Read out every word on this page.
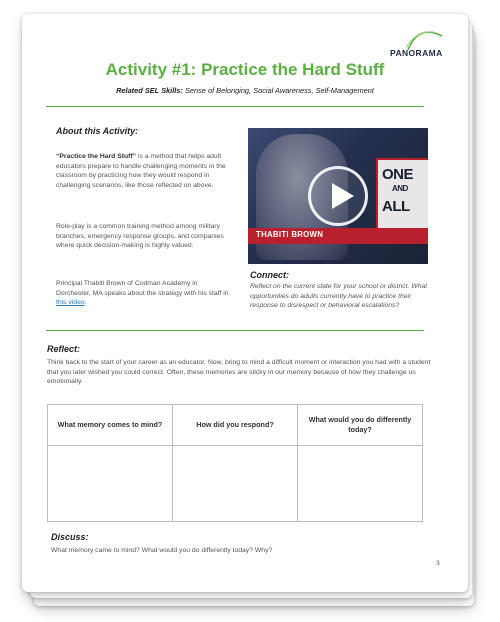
PANORAMA
Activity #1: Practice the Hard Stuff
Related SEL Skills: Sense of Belonging, Social Awareness, Self-Management
About this Activity:

“Practice the Hard Stuff” is a method that helps adult educators prepare to handle challenging moments in the classroom by practicing how they would respond in challenging scenarios, like those reflected on above.

Role-play is a common training method among military branches, emergency response groups, and companies where quick decision-making is highly valued.

Principal Thabiti Brown of Codman Academy in Dorchester, MA speaks about the strategy with his staff in this video.

ONE
AND
ALL
THABITI BROWN
Connect:

Reflect on the current state for your school or district. What opportunities do adults currently have to practice their response to disrespect or behavioral escalations?

Reflect:

Think back to the start of your career as an educator. Now, bring to mind a difficult moment or interaction you had with a student that you later wished you could correct. Often, these memories are sticky in our memory because of how they challenge us emotionally.

What memory comes to mind?	How did you respond?	What would you do differently today?

Discuss:

What memory came to mind? What would you do differently today? Why?

3
